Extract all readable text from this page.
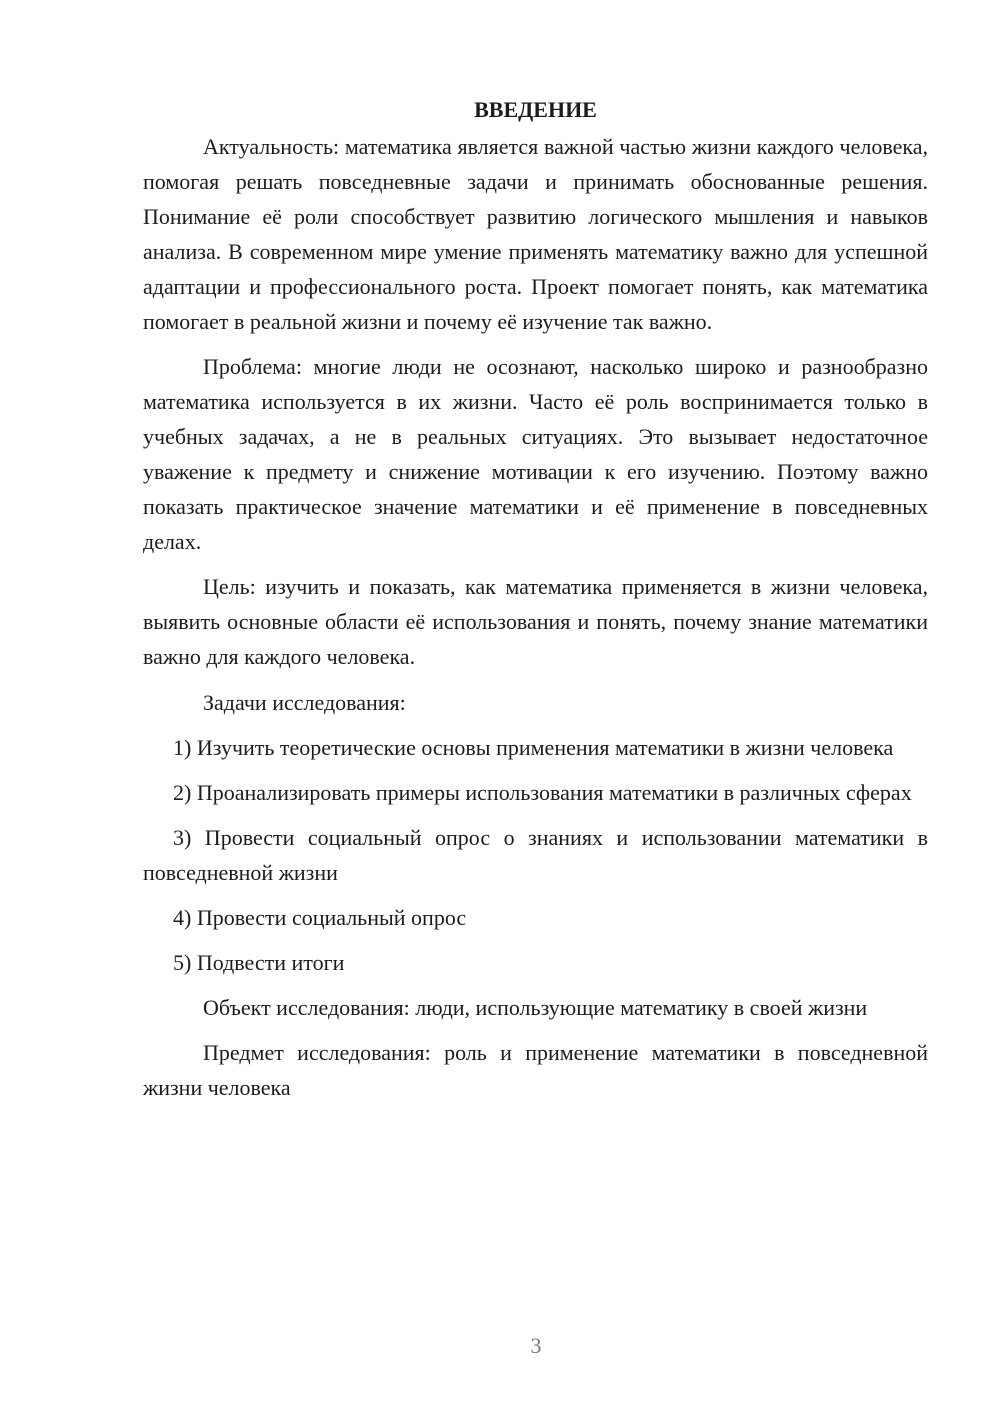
ВВЕДЕНИЕ

Актуальность: математика является важной частью жизни каждого человека, помогая решать повседневные задачи и принимать обоснованные решения. Понимание её роли способствует развитию логического мышления и навыков анализа. В современном мире умение применять математику важно для успешной адаптации и профессионального роста. Проект помогает понять, как математика помогает в реальной жизни и почему её изучение так важно.

Проблема: многие люди не осознают, насколько широко и разнообразно математика используется в их жизни. Часто её роль воспринимается только в учебных задачах, а не в реальных ситуациях. Это вызывает недостаточное уважение к предмету и снижение мотивации к его изучению. Поэтому важно показать практическое значение математики и её применение в повседневных делах.

Цель: изучить и показать, как математика применяется в жизни человека, выявить основные области её использования и понять, почему знание математики важно для каждого человека.

Задачи исследования:

1) Изучить теоретические основы применения математики в жизни человека

2) Проанализировать примеры использования математики в различных сферах

3) Провести социальный опрос о знаниях и использовании математики в повседневной жизни

4) Провести социальный опрос

5) Подвести итоги

Объект исследования: люди, использующие математику в своей жизни

Предмет исследования: роль и применение математики в повседневной жизни человека

3
